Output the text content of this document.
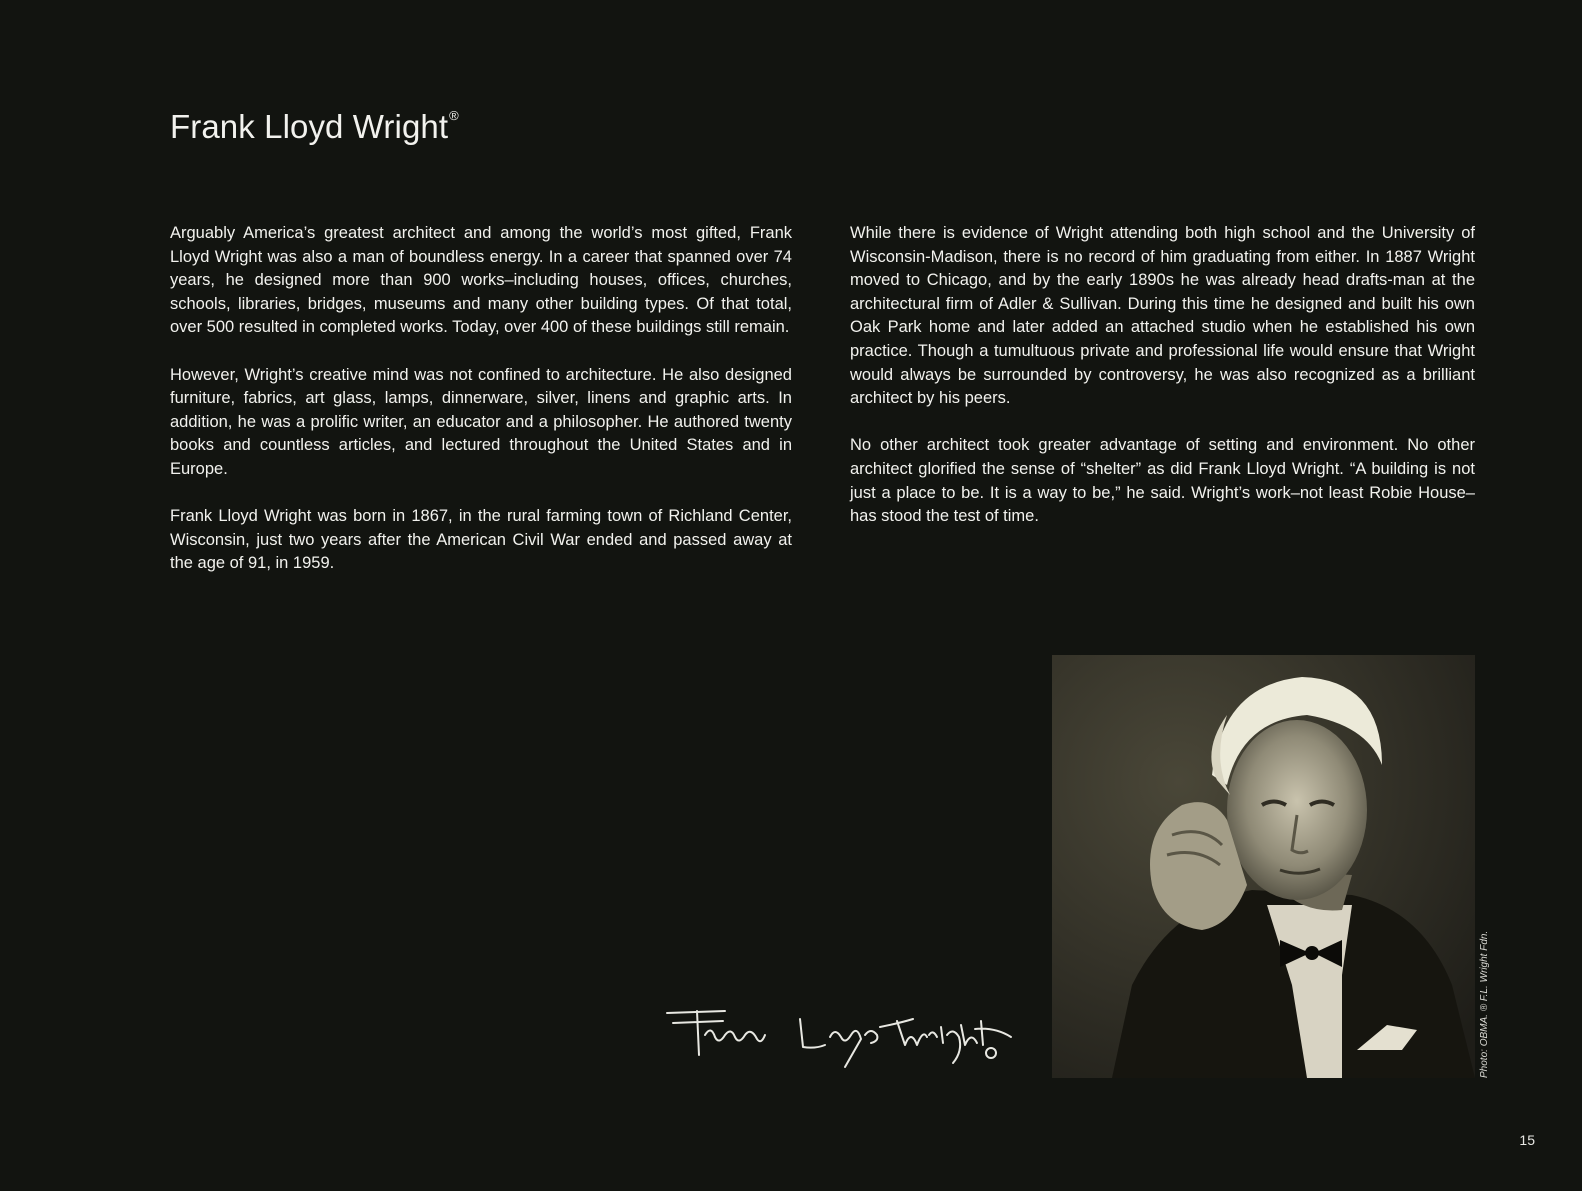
Frank Lloyd Wright®

Arguably America’s greatest architect and among the world’s most gifted, Frank Lloyd Wright was also a man of boundless energy. In a career that spanned over 74 years, he designed more than 900 works–including houses, offices, churches, schools, libraries, bridges, museums and many other building types. Of that total, over 500 resulted in completed works. Today, over 400 of these buildings still remain.

However, Wright’s creative mind was not confined to architecture. He also designed furniture, fabrics, art glass, lamps, dinnerware, silver, linens and graphic arts. In addition, he was a prolific writer, an educator and a philosopher. He authored twenty books and countless articles, and lectured throughout the United States and in Europe.

Frank Lloyd Wright was born in 1867, in the rural farming town of Richland Center, Wisconsin, just two years after the American Civil War ended and passed away at the age of 91, in 1959.

While there is evidence of Wright attending both high school and the University of Wisconsin-Madison, there is no record of him graduating from either. In 1887 Wright moved to Chicago, and by the early 1890s he was already head drafts-man at the architectural firm of Adler & Sullivan. During this time he designed and built his own Oak Park home and later added an attached studio when he established his own practice. Though a tumultuous private and professional life would ensure that Wright would always be surrounded by controversy, he was also recognized as a brilliant architect by his peers.

No other architect took greater advantage of setting and environment. No other architect glorified the sense of “shelter” as did Frank Lloyd Wright. “A building is not just a place to be. It is a way to be,” he said. Wright’s work–not least Robie House–has stood the test of time.

Photo: OBMA. ® F.L. Wright Fdn.
15
